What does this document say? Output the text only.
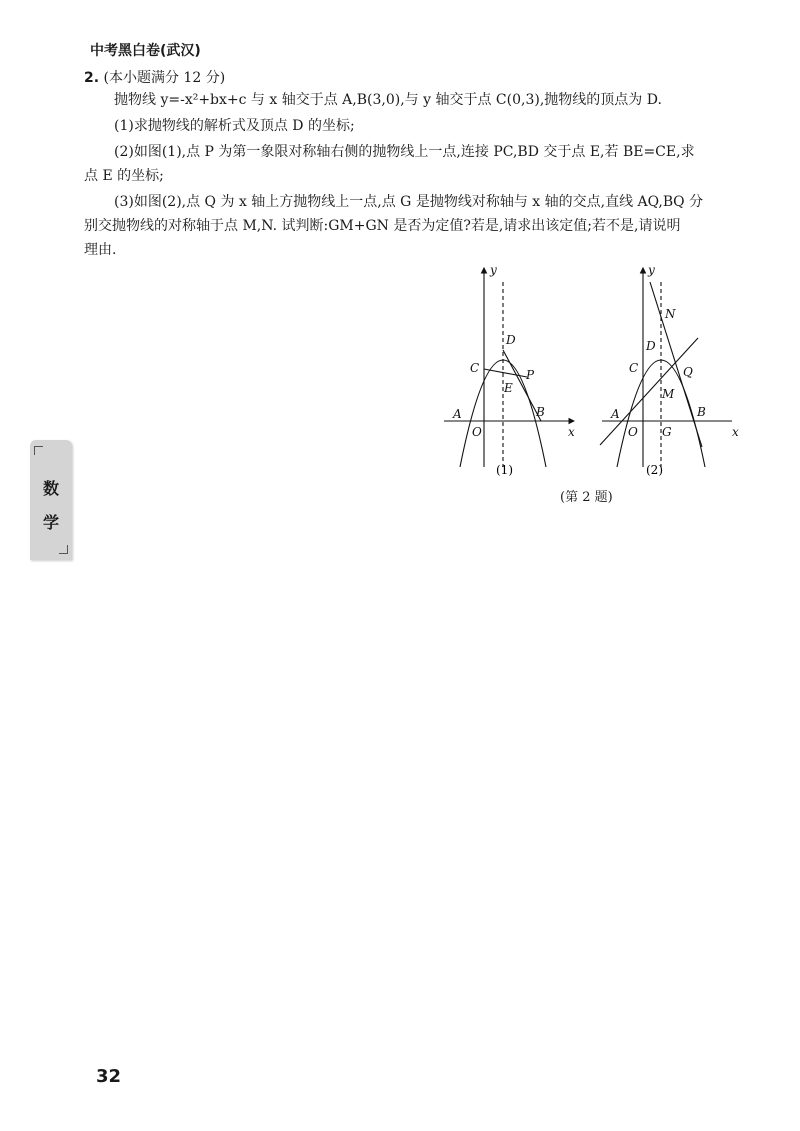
中考黑白卷(武汉)
2. (本小题满分 12 分)
抛物线 y=-x²+bx+c 与 x 轴交于点 A,B(3,0),与 y 轴交于点 C(0,3),抛物线的顶点为 D.
(1)求抛物线的解析式及顶点 D 的坐标;
(2)如图(1),点 P 为第一象限对称轴右侧的抛物线上一点,连接 PC,BD 交于点 E,若 BE=CE,求
点 E 的坐标;
(3)如图(2),点 Q 为 x 轴上方抛物线上一点,点 G 是抛物线对称轴与 x 轴的交点,直线 AQ,BQ 分
别交抛物线的对称轴于点 M,N. 试判断:GM+GN 是否为定值?若是,请求出该定值;若不是,请说明
理由.
y
x
D
C	P
E
A
O
B
(1)
y
N
D
C	Q
M
A
O G
B
x
(2)
(第 2 题)
数
学
32
